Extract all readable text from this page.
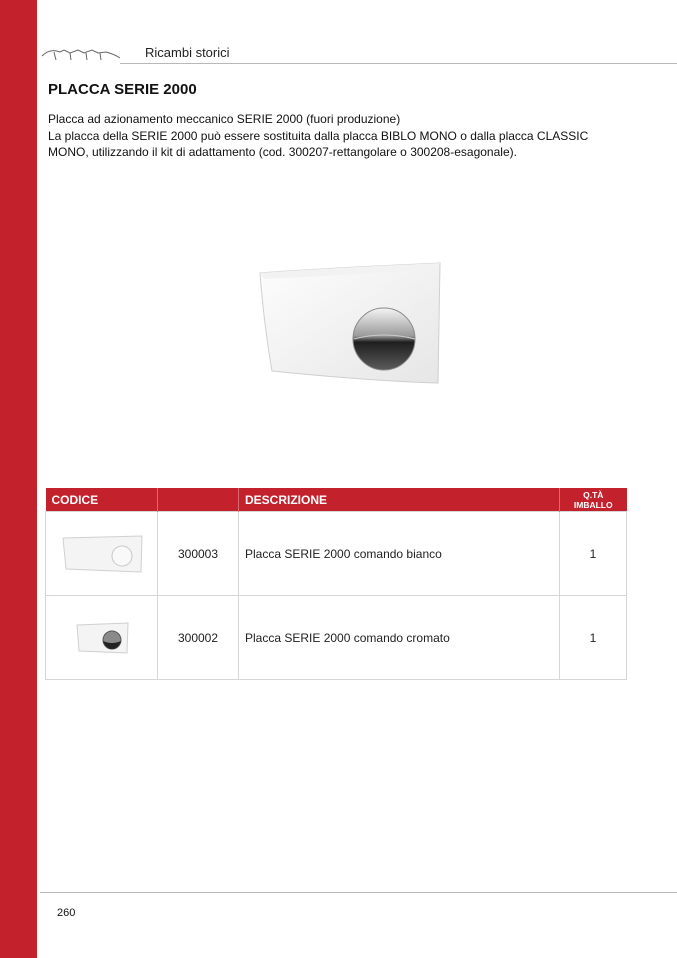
Ricambi storici
PLACCA SERIE 2000
Placca ad azionamento meccanico SERIE 2000 (fuori produzione)
La placca della SERIE 2000 può essere sostituita dalla placca BIBLO MONO o dalla placca CLASSIC
MONO, utilizzando il kit di adattamento (cod. 300207-rettangolare o 300208-esagonale).
CODICE		DESCRIZIONE	Q.TÀ
IMBALLO

	300003	Placca SERIE 2000 comando bianco	1

	300002	Placca SERIE 2000 comando cromato	1
260
